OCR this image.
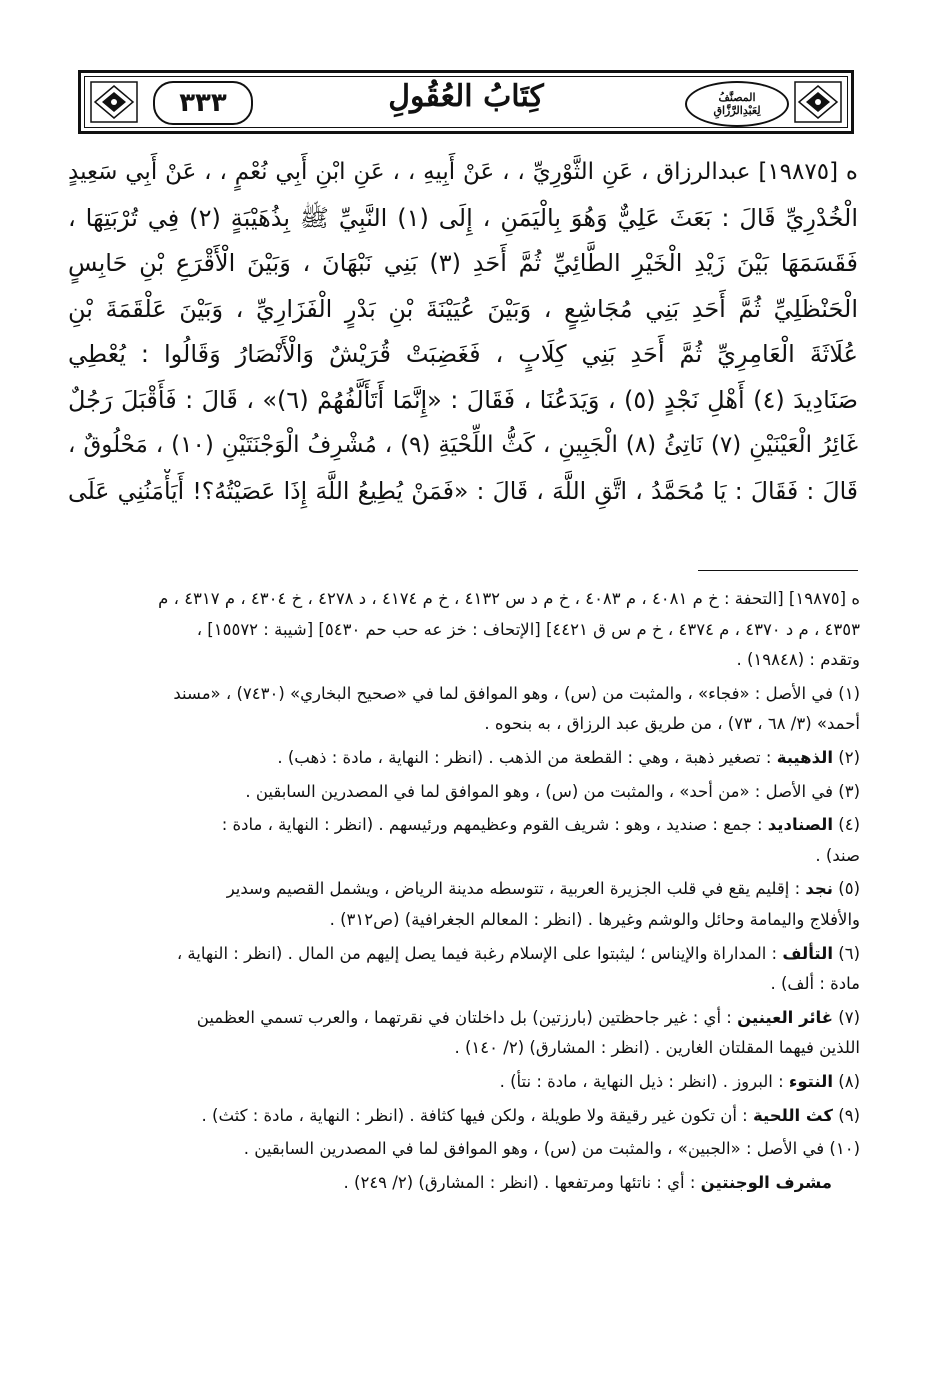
٣٣٣	كِتَابُ العُقُولِ	المصنَّفُ
لِعَبْدِالرَّزَّاقِ
ه [١٩٨٧٥] عبدالرزاق ، عَنِ الثَّوْرِيِّ ، ، عَنْ أَبِيهِ ، ، عَنِ ابْنِ أَبِي نُعْمٍ ، ، عَنْ أَبِي سَعِيدٍ
الْخُدْرِيِّ قَالَ : بَعَثَ عَلِيٌّ وَهُوَ بِالْيَمَنِ ، إِلَى (١) النَّبِيِّ ﷺ بِذُهَيْبَةٍ (٢) فِي تُرْبَتِهَا ،
فَقَسَمَهَا بَيْنَ زَيْدِ الْخَيْرِ الطَّائِيِّ ثُمَّ أَحَدِ (٣) بَنِي نَبْهَانَ ، وَبَيْنَ الْأَقْرَعِ بْنِ حَابِسٍ
الْحَنْظَلِيِّ ثُمَّ أَحَدِ بَنِي مُجَاشِعٍ ، وَبَيْنَ عُيَيْنَةَ بْنِ بَدْرٍ الْفَزَارِيِّ ، وَبَيْنَ عَلْقَمَةَ بْنِ
عُلَاثَةَ الْعَامِرِيِّ ثُمَّ أَحَدِ بَنِي كِلَابٍ ، فَغَضِبَتْ قُرَيْشٌ وَالْأَنْصَارُ وَقَالُوا : يُعْطِي
صَنَادِيدَ (٤) أَهْلِ نَجْدٍ (٥) ، وَيَدَعُنَا ، فَقَالَ : «إِنَّمَا أَتَأَلَّفُهُمْ (٦)» ، قَالَ : فَأَقْبَلَ رَجُلٌ
غَائِرُ الْعَيْنَيْنِ (٧) نَاتِئُ (٨) الْجَبِينِ ، كَثُّ اللِّحْيَةِ (٩) ، مُشْرِفُ الْوَجْنَتَيْنِ (١٠) ، مَحْلُوقٌ ،
قَالَ : فَقَالَ : يَا مُحَمَّدُ ، اتَّقِ اللَّهَ ، قَالَ : «فَمَنْ يُطِيعُ اللَّهَ إِذَا عَصَيْتُهُ؟! أَيَأْمَنُنِي عَلَى
ه [١٩٨٧٥] [التحفة : خ م ٤٠٨١ ، م ٤٠٨٣ ، خ م د س ٤١٣٢ ، خ م ٤١٧٤ ، د ٤٢٧٨ ، خ ٤٣٠٤ ، م ٤٣١٧ ، م
٤٣٥٣ ، م د ٤٣٧٠ ، م ٤٣٧٤ ، خ م س ق ٤٤٢١] [الإتحاف : خز عه حب حم ٥٤٣٠] [شيبة : ١٥٥٧٢] ،
وتقدم : (١٩٨٤٨) .
(١) في الأصل : «فجاء» ، والمثبت من (س) ، وهو الموافق لما في «صحيح البخاري» (٧٤٣٠) ، «مسند
أحمد» (٣/ ٦٨ ، ٧٣) ، من طريق عبد الرزاق ، به بنحوه .
(٢) الذهيبة : تصغير ذهبة ، وهي : القطعة من الذهب . (انظر : النهاية ، مادة : ذهب) .
(٣) في الأصل : «من أحد» ، والمثبت من (س) ، وهو الموافق لما في المصدرين السابقين .
(٤) الصناديد : جمع : صنديد ، وهو : شريف القوم وعظيمهم ورئيسهم . (انظر : النهاية ، مادة :
صند) .
(٥) نجد : إقليم يقع في قلب الجزيرة العربية ، تتوسطه مدينة الرياض ، ويشمل القصيم وسدير
والأفلاج واليمامة وحائل والوشم وغيرها . (انظر : المعالم الجغرافية) (ص٣١٢) .
(٦) التألف : المداراة والإيناس ؛ ليثبتوا على الإسلام رغبة فيما يصل إليهم من المال . (انظر : النهاية ،
مادة : ألف) .
(٧) غائر العينين : أي : غير جاحظتين (بارزتين) بل داخلتان في نقرتهما ، والعرب تسمي العظمين
اللذين فيهما المقلتان الغارين . (انظر : المشارق) (٢/ ١٤٠) .
(٨) النتوء : البروز . (انظر : ذيل النهاية ، مادة : نتأ) .
(٩) كث اللحية : أن تكون غير رقيقة ولا طويلة ، ولكن فيها كثافة . (انظر : النهاية ، مادة : كثث) .
(١٠) في الأصل : «الجبين» ، والمثبت من (س) ، وهو الموافق لما في المصدرين السابقين .
مشرف الوجنتين : أي : ناتئها ومرتفعها . (انظر : المشارق) (٢/ ٢٤٩) .
